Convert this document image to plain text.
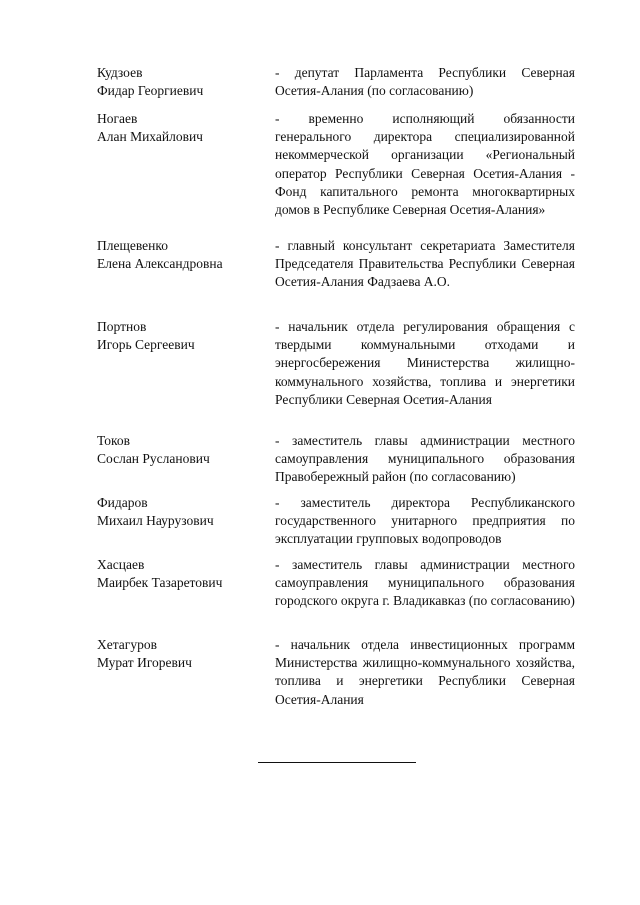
Кудзоев
Фидар Георгиевич
- депутат Парламента Республики Северная Осетия-Алания (по согласованию)
Ногаев
Алан Михайлович
- временно исполняющий обязанности генерального директора специализированной некоммерческой организации «Региональный оператор Республики Северная Осетия-Алания - Фонд капитального ремонта многоквартирных домов в Республике Северная Осетия-Алания»
Плещевенко
Елена Александровна
- главный консультант секретариата Заместителя Председателя Правительства Республики Северная Осетия-Алания Фадзаева А.О.
Портнов
Игорь Сергеевич
- начальник отдела регулирования обращения с твердыми коммунальными отходами и энергосбережения Министерства жилищно-коммунального хозяйства, топлива и энергетики Республики Северная Осетия-Алания
Токов
Сослан Русланович
- заместитель главы администрации местного самоуправления муниципального образования Правобережный район (по согласованию)
Фидаров
Михаил Наурузович
- заместитель директора Республиканского государственного унитарного предприятия по эксплуатации групповых водопроводов
Хасцаев
Маирбек Тазаретович
- заместитель главы администрации местного самоуправления муниципального образования городского округа г. Владикавказ (по согласованию)
Хетагуров
Мурат Игоревич
- начальник отдела инвестиционных программ Министерства жилищно-коммунального хозяйства, топлива и энергетики Республики Северная Осетия-Алания
